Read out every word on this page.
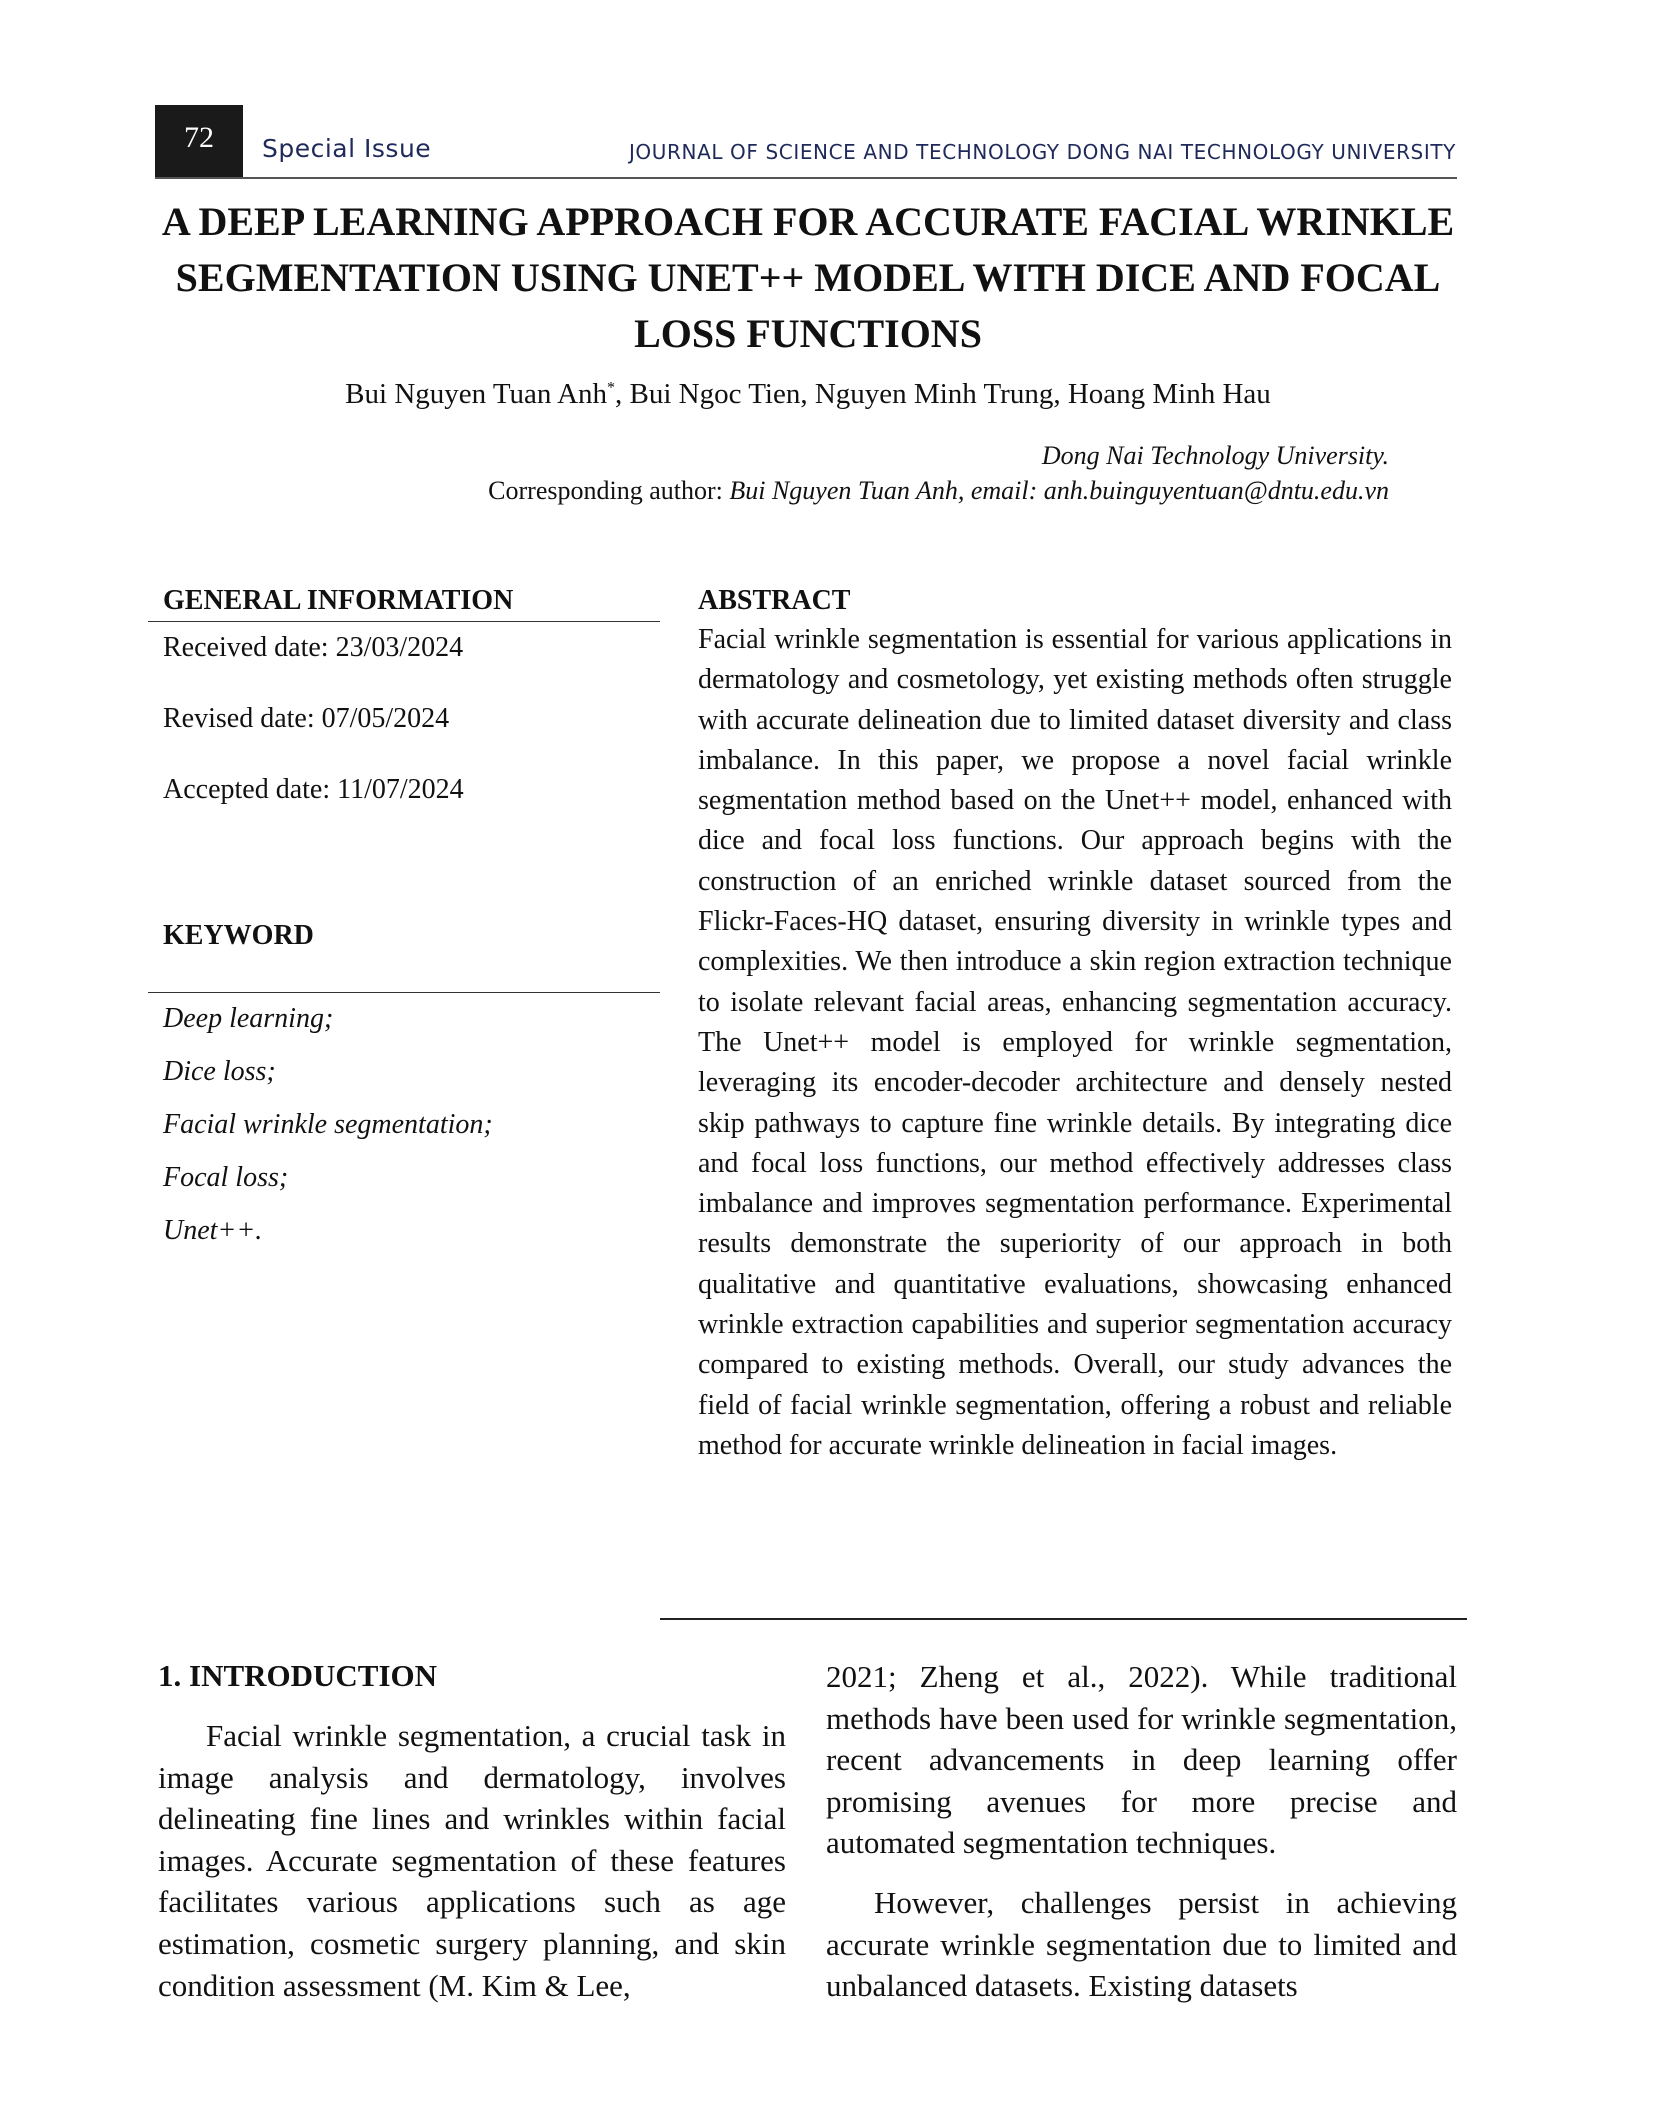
72	Special Issue	JOURNAL OF SCIENCE AND TECHNOLOGY DONG NAI TECHNOLOGY UNIVERSITY
A DEEP LEARNING APPROACH FOR ACCURATE FACIAL WRINKLE SEGMENTATION USING UNET++ MODEL WITH DICE AND FOCAL LOSS FUNCTIONS
Bui Nguyen Tuan Anh*, Bui Ngoc Tien, Nguyen Minh Trung, Hoang Minh Hau
Dong Nai Technology University.
Corresponding author: Bui Nguyen Tuan Anh, email: anh.buinguyentuan@dntu.edu.vn
GENERAL INFORMATION
Received date: 23/03/2024
Revised date: 07/05/2024
Accepted date: 11/07/2024
KEYWORD
Deep learning;
Dice loss;
Facial wrinkle segmentation;
Focal loss;
Unet++.
ABSTRACT
Facial wrinkle segmentation is essential for various applications in dermatology and cosmetology, yet existing methods often struggle with accurate delineation due to limited dataset diversity and class imbalance. In this paper, we propose a novel facial wrinkle segmentation method based on the Unet++ model, enhanced with dice and focal loss functions. Our approach begins with the construction of an enriched wrinkle dataset sourced from the Flickr-Faces-HQ dataset, ensuring diversity in wrinkle types and complexities. We then introduce a skin region extraction technique to isolate relevant facial areas, enhancing segmentation accuracy. The Unet++ model is employed for wrinkle segmentation, leveraging its encoder-decoder architecture and densely nested skip pathways to capture fine wrinkle details. By integrating dice and focal loss functions, our method effectively addresses class imbalance and improves segmentation performance. Experimental results demonstrate the superiority of our approach in both qualitative and quantitative evaluations, showcasing enhanced wrinkle extraction capabilities and superior segmentation accuracy compared to existing methods. Overall, our study advances the field of facial wrinkle segmentation, offering a robust and reliable method for accurate wrinkle delineation in facial images.
1. INTRODUCTION

Facial wrinkle segmentation, a crucial task in image analysis and dermatology, involves delineating fine lines and wrinkles within facial images. Accurate segmentation of these features facilitates various applications such as age estimation, cosmetic surgery planning, and skin condition assessment (M. Kim & Lee,

2021; Zheng et al., 2022). While traditional methods have been used for wrinkle segmentation, recent advancements in deep learning offer promising avenues for more precise and automated segmentation techniques.

However, challenges persist in achieving accurate wrinkle segmentation due to limited and unbalanced datasets. Existing datasets
